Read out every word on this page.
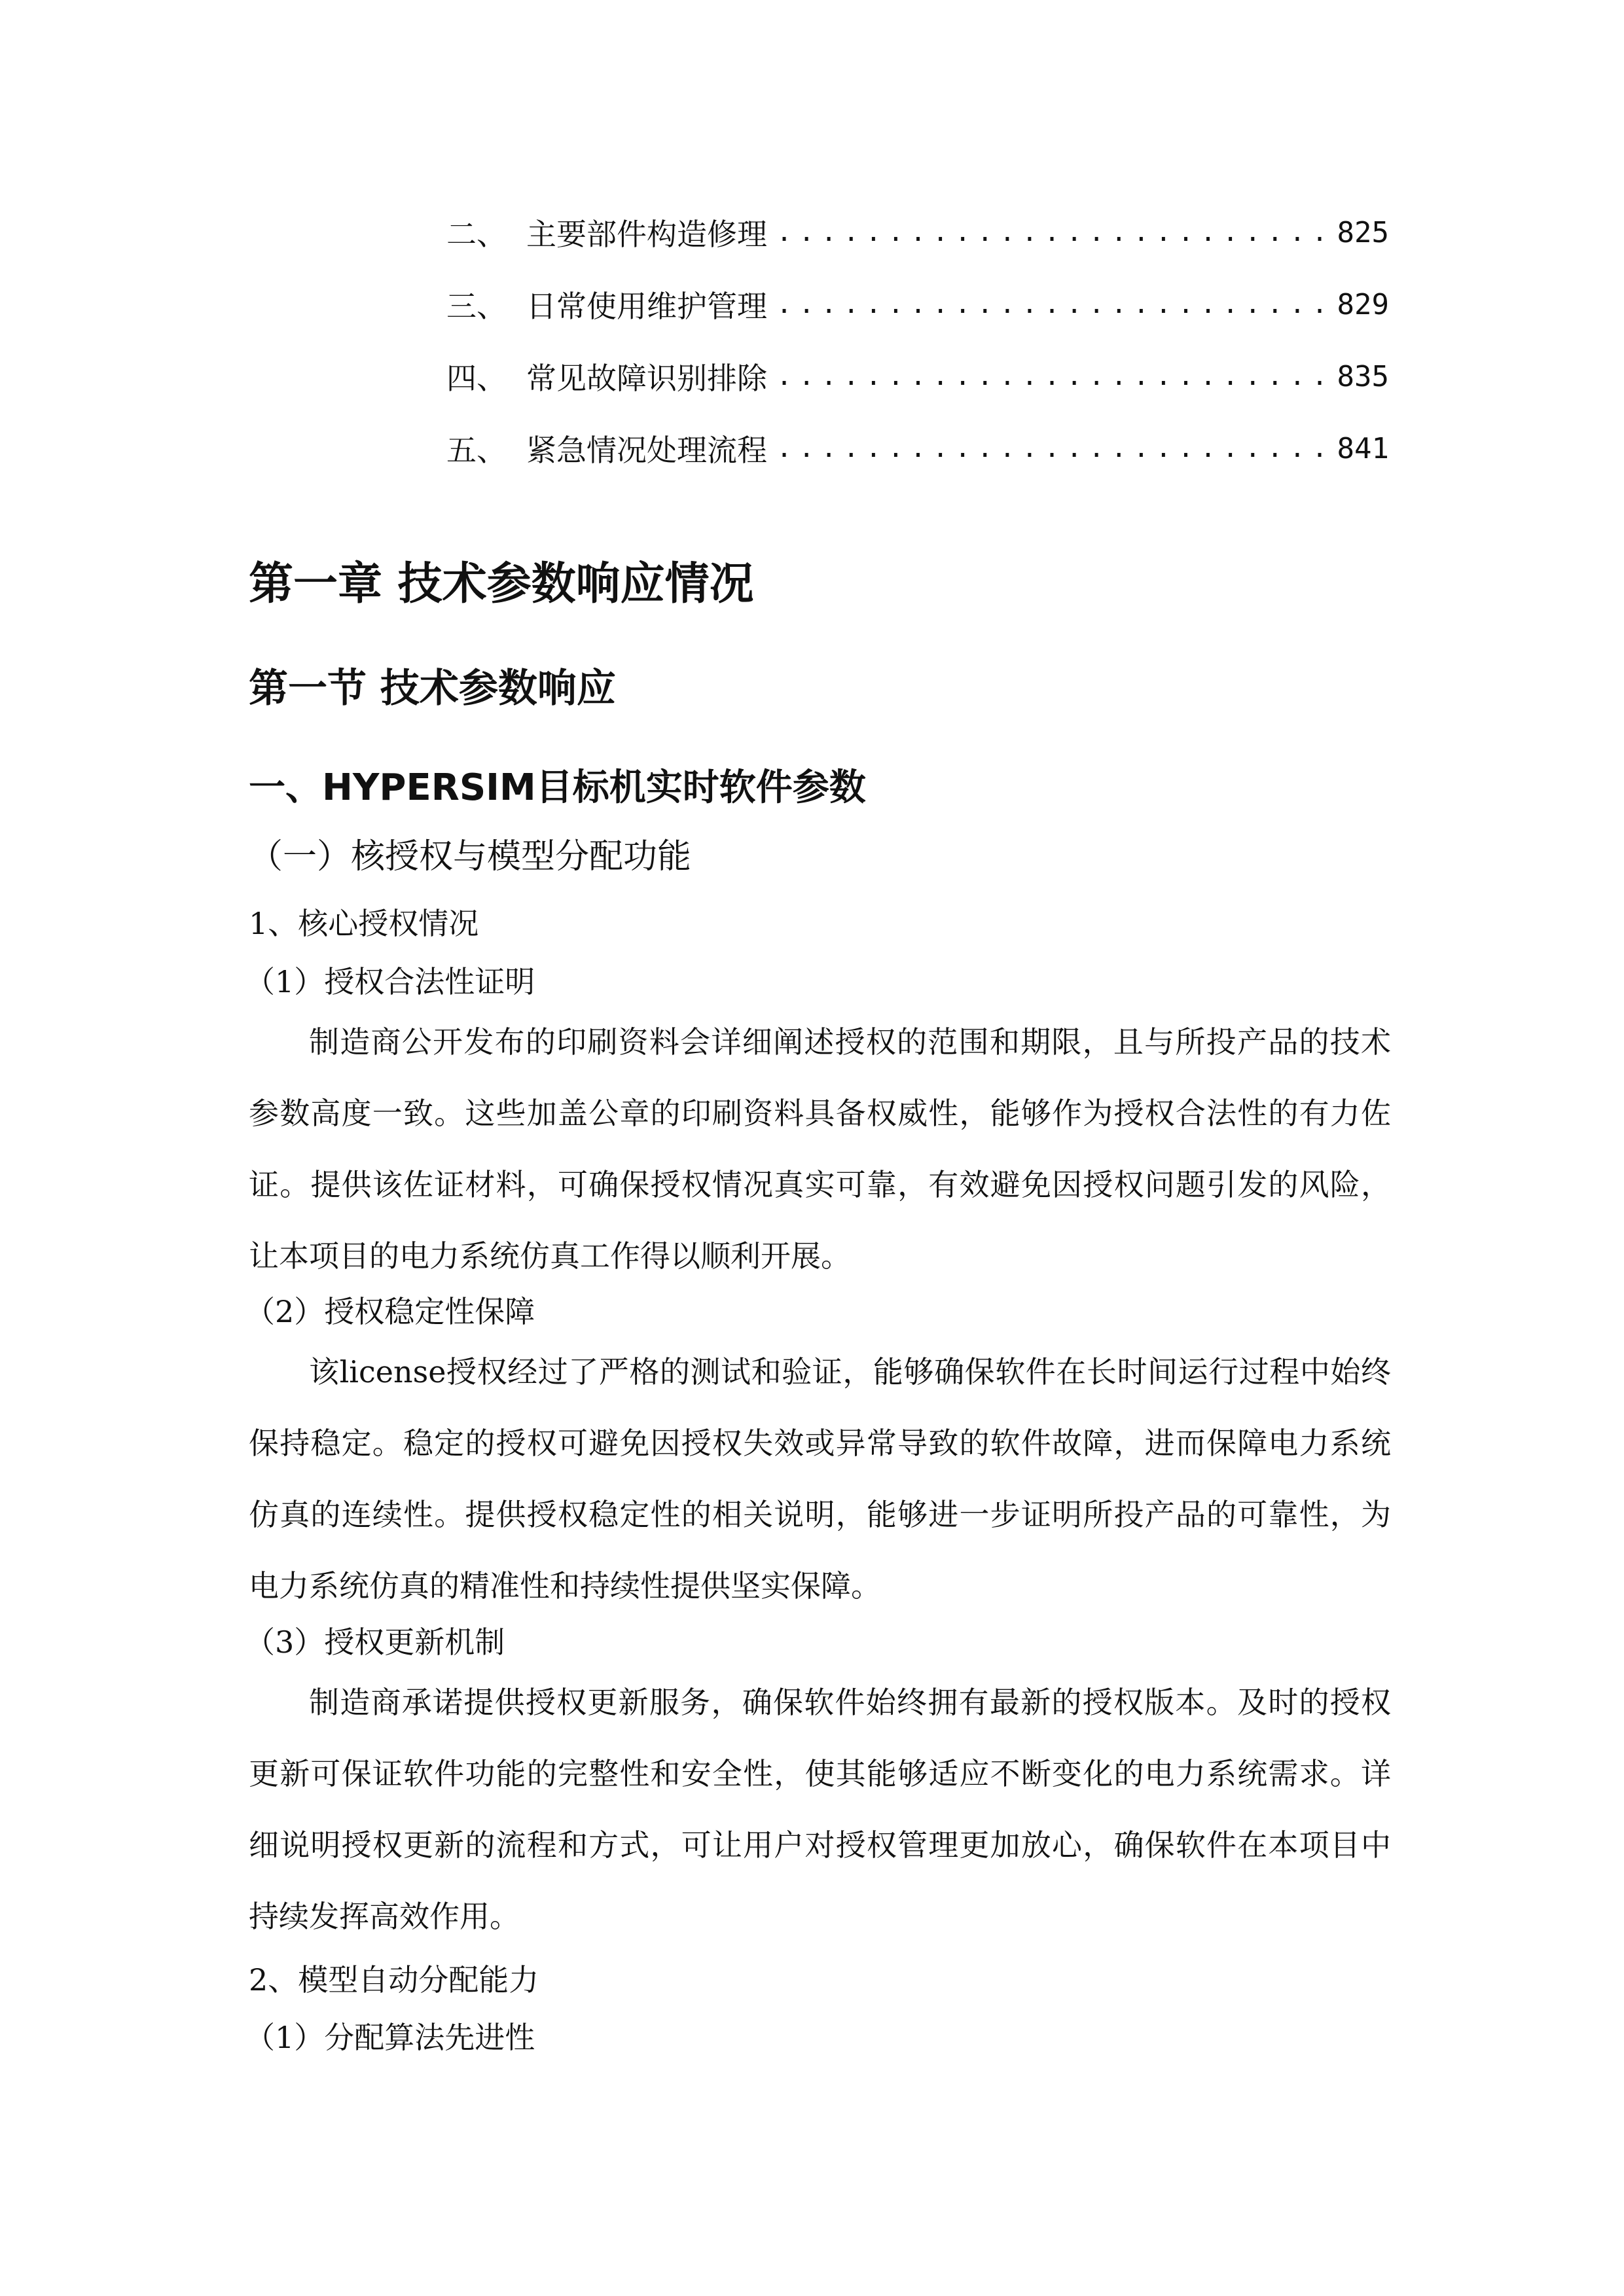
二、 主要部件构造修理 .....	825
三、 日常使用维护管理 .....	829
四、 常见故障识别排除 .....	835
五、 紧急情况处理流程 .....	841
第一章 技术参数响应情况
第一节 技术参数响应
一、HYPERSIM目标机实时软件参数
（一）核授权与模型分配功能
1、核心授权情况
（1）授权合法性证明

制造商公开发布的印刷资料会详细阐述授权的范围和期限，且与所投产品的技术参数高度一致。这些加盖公章的印刷资料具备权威性，能够作为授权合法性的有力佐证。提供该佐证材料，可确保授权情况真实可靠，有效避免因授权问题引发的风险，让本项目的电力系统仿真工作得以顺利开展。

（2）授权稳定性保障

该license授权经过了严格的测试和验证，能够确保软件在长时间运行过程中始终保持稳定。稳定的授权可避免因授权失效或异常导致的软件故障，进而保障电力系统仿真的连续性。提供授权稳定性的相关说明，能够进一步证明所投产品的可靠性，为电力系统仿真的精准性和持续性提供坚实保障。

（3）授权更新机制

制造商承诺提供授权更新服务，确保软件始终拥有最新的授权版本。及时的授权更新可保证软件功能的完整性和安全性，使其能够适应不断变化的电力系统需求。详细说明授权更新的流程和方式，可让用户对授权管理更加放心，确保软件在本项目中持续发挥高效作用。

2、模型自动分配能力
（1）分配算法先进性
